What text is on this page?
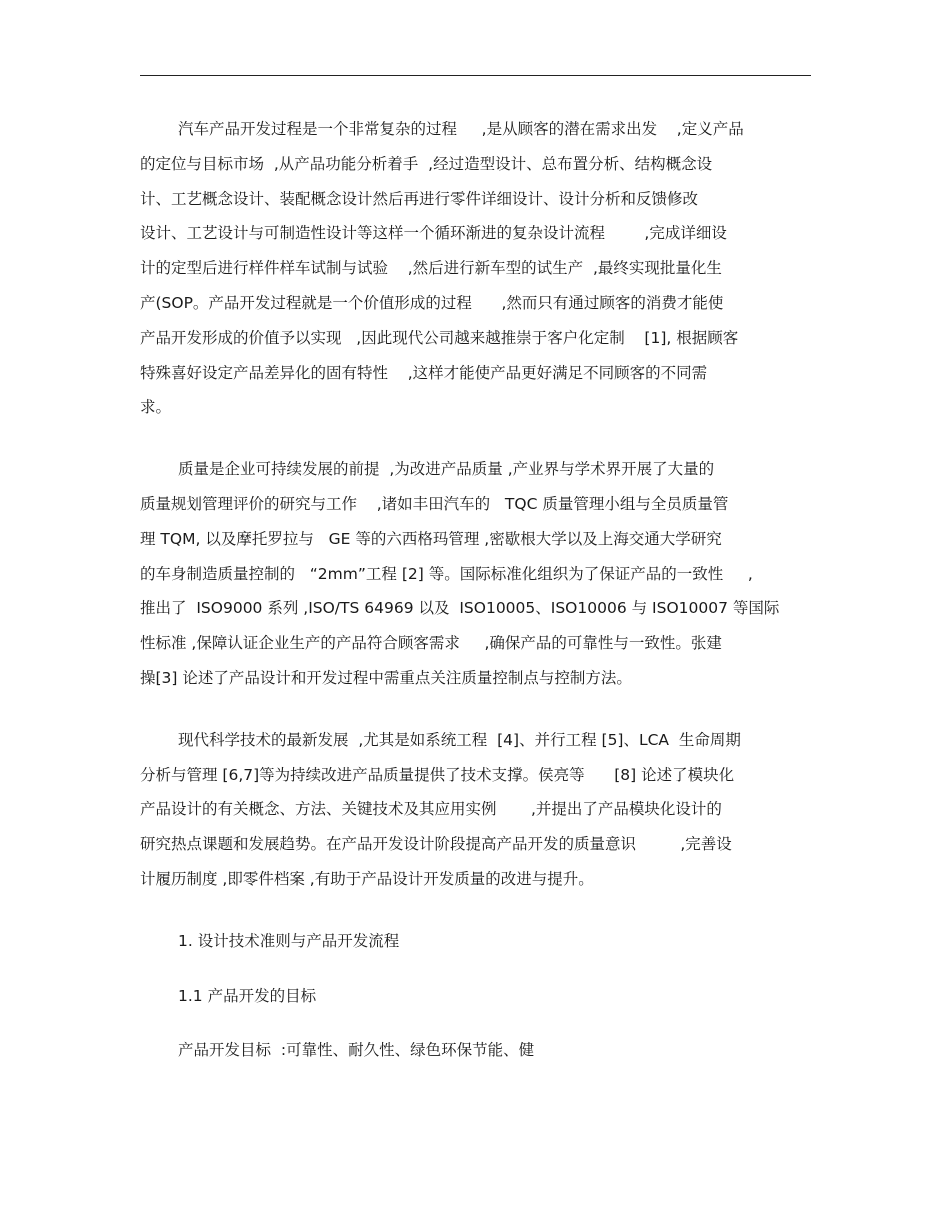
汽车产品开发过程是一个非常复杂的过程     ,是从顾客的潜在需求出发    ,定义产品
的定位与目标市场  ,从产品功能分析着手  ,经过造型设计、总布置分析、结构概念设
计、工艺概念设计、装配概念设计然后再进行零件详细设计、设计分析和反馈修改
设计、工艺设计与可制造性设计等这样一个循环渐进的复杂设计流程        ,完成详细设
计的定型后进行样件样车试制与试验    ,然后进行新车型的试生产  ,最终实现批量化生
产(SOP。产品开发过程就是一个价值形成的过程      ,然而只有通过顾客的消费才能使
产品开发形成的价值予以实现   ,因此现代公司越来越推崇于客户化定制    [1], 根据顾客
特殊喜好设定产品差异化的固有特性    ,这样才能使产品更好满足不同顾客的不同需
求。
质量是企业可持续发展的前提  ,为改进产品质量 ,产业界与学术界开展了大量的
质量规划管理评价的研究与工作    ,诸如丰田汽车的   TQC 质量管理小组与全员质量管
理 TQM, 以及摩托罗拉与   GE 等的六西格玛管理 ,密歇根大学以及上海交通大学研究
的车身制造质量控制的   “2mm”工程 [2] 等。国际标准化组织为了保证产品的一致性     ,
推出了  ISO9000 系列 ,ISO/TS 64969 以及  ISO10005、ISO10006 与 ISO10007 等国际
性标准 ,保障认证企业生产的产品符合顾客需求     ,确保产品的可靠性与一致性。张建
操[3] 论述了产品设计和开发过程中需重点关注质量控制点与控制方法。
现代科学技术的最新发展  ,尤其是如系统工程  [4]、并行工程 [5]、LCA  生命周期
分析与管理 [6,7]等为持续改进产品质量提供了技术支撑。侯亮等      [8] 论述了模块化
产品设计的有关概念、方法、关键技术及其应用实例       ,并提出了产品模块化设计的
研究热点课题和发展趋势。在产品开发设计阶段提高产品开发的质量意识         ,完善设
计履历制度 ,即零件档案 ,有助于产品设计开发质量的改进与提升。
1. 设计技术准则与产品开发流程
1.1 产品开发的目标
产品开发目标  :可靠性、耐久性、绿色环保节能、健
